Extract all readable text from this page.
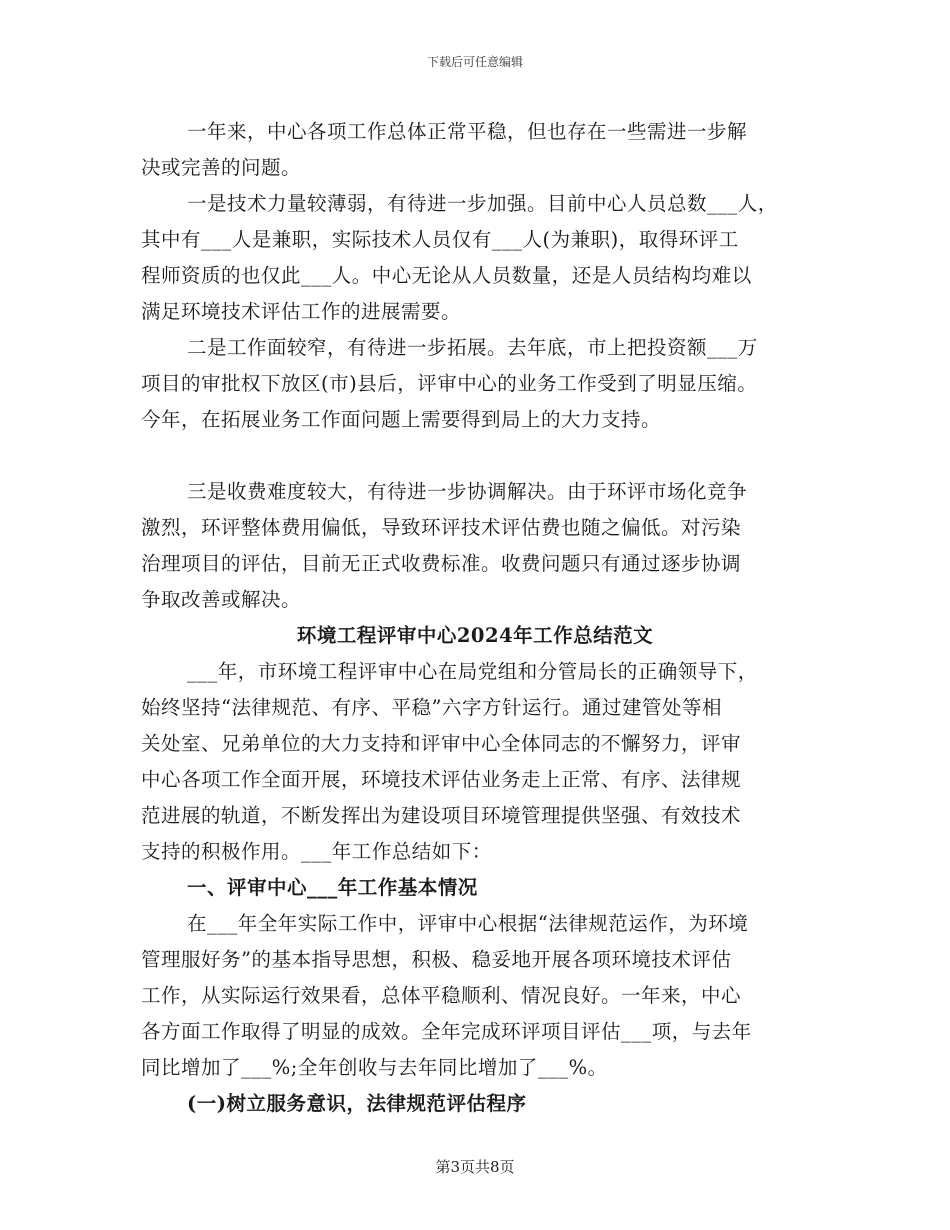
下载后可任意编辑
一年来，中心各项工作总体正常平稳，但也存在一些需进一步解
决或完善的问题。
一是技术力量较薄弱，有待进一步加强。目前中心人员总数___人，
其中有___人是兼职，实际技术人员仅有___人(为兼职)，取得环评工
程师资质的也仅此___人。中心无论从人员数量，还是人员结构均难以
满足环境技术评估工作的进展需要。
二是工作面较窄，有待进一步拓展。去年底，市上把投资额___万
项目的审批权下放区(市)县后，评审中心的业务工作受到了明显压缩。
今年，在拓展业务工作面问题上需要得到局上的大力支持。
三是收费难度较大，有待进一步协调解决。由于环评市场化竞争
激烈，环评整体费用偏低，导致环评技术评估费也随之偏低。对污染
治理项目的评估，目前无正式收费标准。收费问题只有通过逐步协调
争取改善或解决。
环境工程评审中心2024年工作总结范文
___年，市环境工程评审中心在局党组和分管局长的正确领导下，
始终坚持“法律规范、有序、平稳”六字方针运行。通过建管处等相
关处室、兄弟单位的大力支持和评审中心全体同志的不懈努力，评审
中心各项工作全面开展，环境技术评估业务走上正常、有序、法律规
范进展的轨道，不断发挥出为建设项目环境管理提供坚强、有效技术
支持的积极作用。___年工作总结如下：
一、评审中心___年工作基本情况
在___年全年实际工作中，评审中心根据“法律规范运作，为环境
管理服好务”的基本指导思想，积极、稳妥地开展各项环境技术评估
工作，从实际运行效果看，总体平稳顺利、情况良好。一年来，中心
各方面工作取得了明显的成效。全年完成环评项目评估___项，与去年
同比增加了___%;全年创收与去年同比增加了___%。
(一)树立服务意识，法律规范评估程序
第3页共8页
